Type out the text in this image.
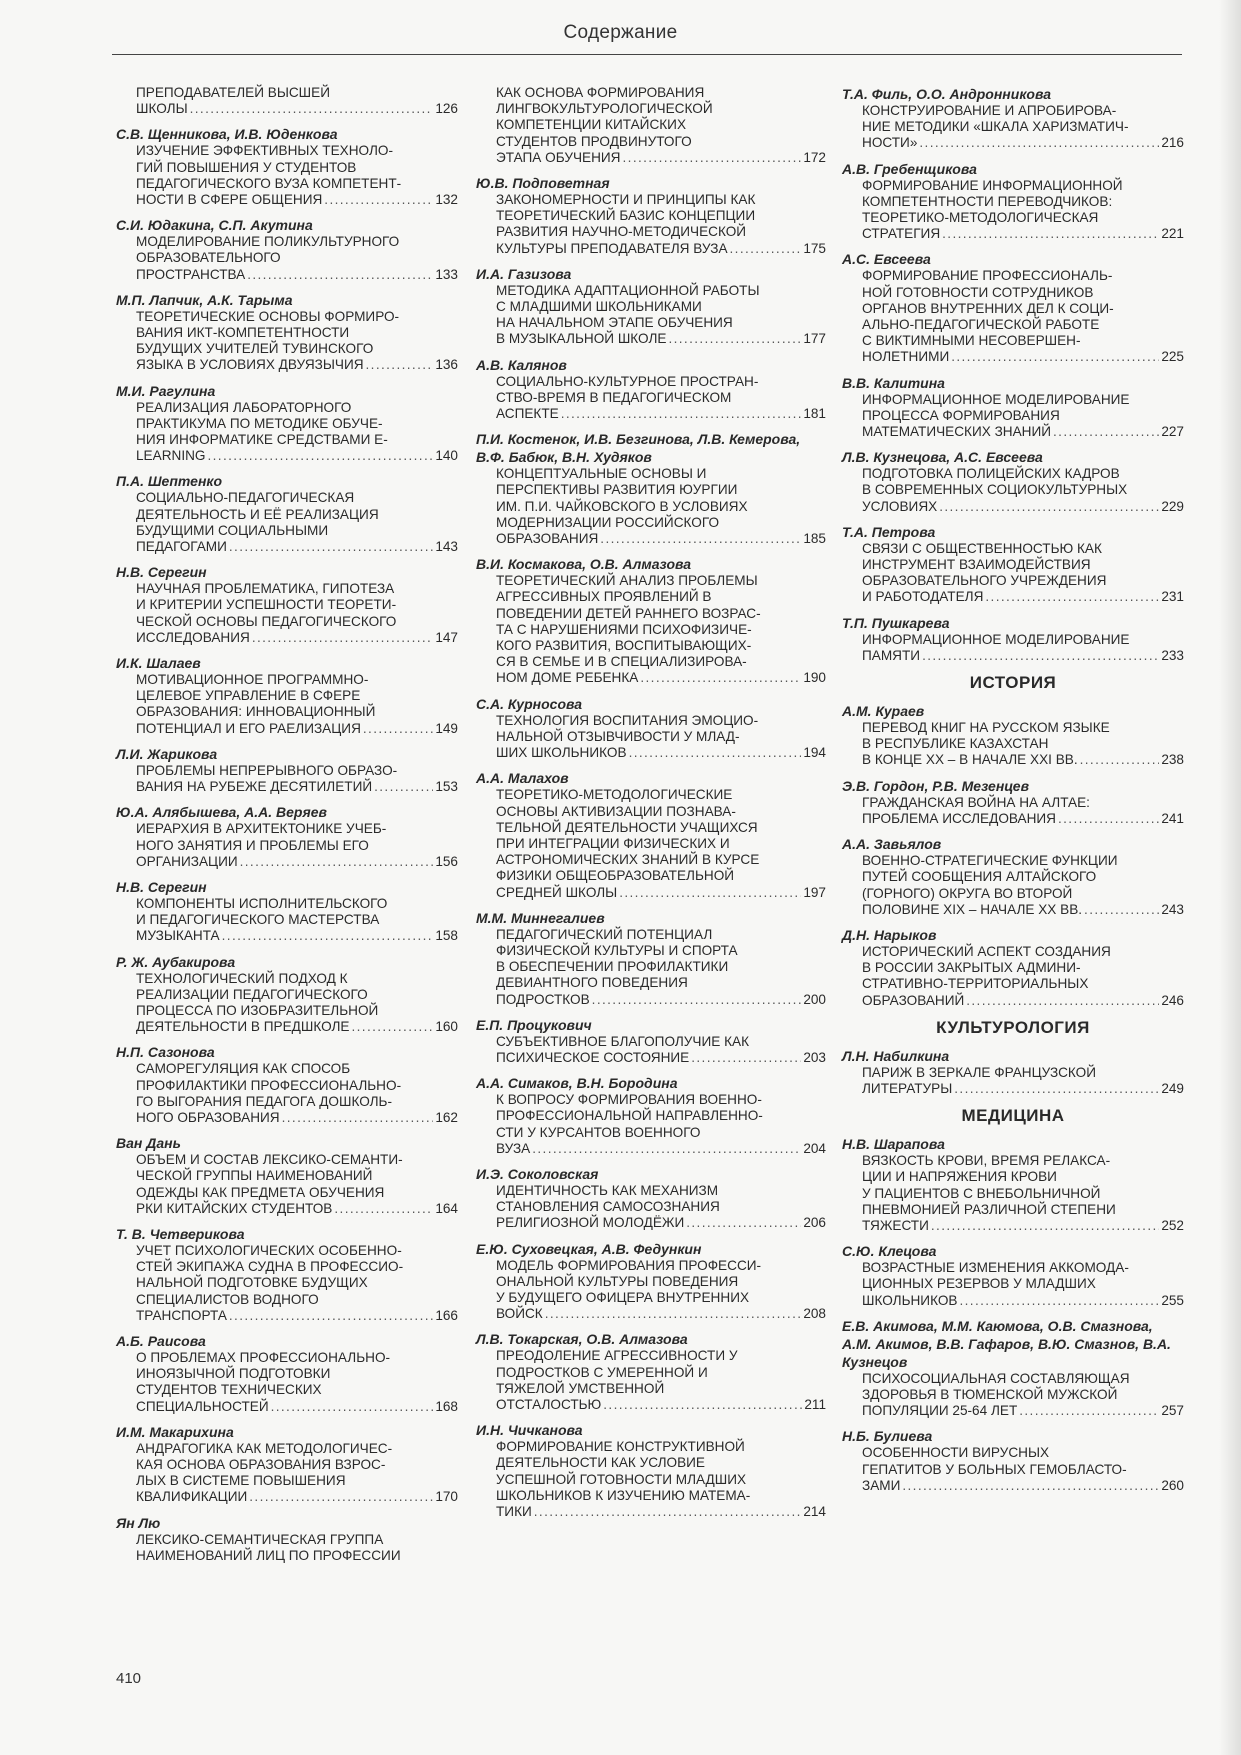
Содержание
ПРЕПОДАВАТЕЛЕЙ ВЫСШЕЙ
ШКОЛЫ . . .	126
С.В. Щенникова, И.В. Юденкова
ИЗУЧЕНИЕ ЭФФЕКТИВНЫХ ТЕХНОЛО-
ГИЙ ПОВЫШЕНИЯ У СТУДЕНТОВ
ПЕДАГОГИЧЕСКОГО ВУЗА КОМПЕТЕНТ-
НОСТИ В СФЕРЕ ОБЩЕНИЯ . . .	132
С.И. Юдакина, С.П. Акутина
МОДЕЛИРОВАНИЕ ПОЛИКУЛЬТУРНОГО
ОБРАЗОВАТЕЛЬНОГО
ПРОСТРАНСТВА . . .	133
М.П. Лапчик, А.К. Тарыма
ТЕОРЕТИЧЕСКИЕ ОСНОВЫ ФОРМИРО-
ВАНИЯ ИКТ-КОМПЕТЕНТНОСТИ
БУДУЩИХ УЧИТЕЛЕЙ ТУВИНСКОГО
ЯЗЫКА В УСЛОВИЯХ ДВУЯЗЫЧИЯ . . .	136
М.И. Рагулина
РЕАЛИЗАЦИЯ ЛАБОРАТОРНОГО
ПРАКТИКУМА ПО МЕТОДИКЕ ОБУЧЕ-
НИЯ ИНФОРМАТИКЕ СРЕДСТВАМИ Е-
LEARNING . . .	140
П.А. Шептенко
СОЦИАЛЬНО-ПЕДАГОГИЧЕСКАЯ
ДЕЯТЕЛЬНОСТЬ И ЕЁ РЕАЛИЗАЦИЯ
БУДУЩИМИ СОЦИАЛЬНЫМИ
ПЕДАГОГАМИ . . .	143
Н.В. Серегин
НАУЧНАЯ ПРОБЛЕМАТИКА, ГИПОТЕЗА
И КРИТЕРИИ УСПЕШНОСТИ ТЕОРЕТИ-
ЧЕСКОЙ ОСНОВЫ ПЕДАГОГИЧЕСКОГО
ИССЛЕДОВАНИЯ . . .	147
И.К. Шалаев
МОТИВАЦИОННОЕ ПРОГРАММНО-
ЦЕЛЕВОЕ УПРАВЛЕНИЕ В СФЕРЕ
ОБРАЗОВАНИЯ: ИННОВАЦИОННЫЙ
ПОТЕНЦИАЛ И ЕГО РАЕЛИЗАЦИЯ . . .	149
Л.И. Жарикова
ПРОБЛЕМЫ НЕПРЕРЫВНОГО ОБРАЗО-
ВАНИЯ НА РУБЕЖЕ ДЕСЯТИЛЕТИЙ . . .	153
Ю.А. Алябышева, А.А. Веряев
ИЕРАРХИЯ В АРХИТЕКТОНИКЕ УЧЕБ-
НОГО ЗАНЯТИЯ И ПРОБЛЕМЫ ЕГО
ОРГАНИЗАЦИИ . . .	156
Н.В. Серегин
КОМПОНЕНТЫ ИСПОЛНИТЕЛЬСКОГО
И ПЕДАГОГИЧЕСКОГО МАСТЕРСТВА
МУЗЫКАНТА . . .	158
Р. Ж. Аубакирова
ТЕХНОЛОГИЧЕСКИЙ ПОДХОД К
РЕАЛИЗАЦИИ ПЕДАГОГИЧЕСКОГО
ПРОЦЕССА ПО ИЗОБРАЗИТЕЛЬНОЙ
ДЕЯТЕЛЬНОСТИ В ПРЕДШКОЛЕ . . .	160
Н.П. Сазонова
САМОРЕГУЛЯЦИЯ КАК СПОСОБ
ПРОФИЛАКТИКИ ПРОФЕССИОНАЛЬНО-
ГО ВЫГОРАНИЯ ПЕДАГОГА ДОШКОЛЬ-
НОГО ОБРАЗОВАНИЯ . . .	162
Ван Дань
ОБЪЕМ И СОСТАВ ЛЕКСИКО-СЕМАНТИ-
ЧЕСКОЙ ГРУППЫ НАИМЕНОВАНИЙ
ОДЕЖДЫ КАК ПРЕДМЕТА ОБУЧЕНИЯ
РКИ КИТАЙСКИХ СТУДЕНТОВ . . .	164
Т. В. Четверикова
УЧЕТ ПСИХОЛОГИЧЕСКИХ ОСОБЕННО-
СТЕЙ ЭКИПАЖА СУДНА В ПРОФЕССИО-
НАЛЬНОЙ ПОДГОТОВКЕ БУДУЩИХ
СПЕЦИАЛИСТОВ ВОДНОГО
ТРАНСПОРТА . . .	166
А.Б. Раисова
О ПРОБЛЕМАХ ПРОФЕССИОНАЛЬНО-
ИНОЯЗЫЧНОЙ ПОДГОТОВКИ
СТУДЕНТОВ ТЕХНИЧЕСКИХ
СПЕЦИАЛЬНОСТЕЙ . . .	168
И.М. Макарихина
АНДРАГОГИКА КАК МЕТОДОЛОГИЧЕС-
КАЯ ОСНОВА ОБРАЗОВАНИЯ ВЗРОС-
ЛЫХ В СИСТЕМЕ ПОВЫШЕНИЯ
КВАЛИФИКАЦИИ . . .	170
Ян Лю
ЛЕКСИКО-СЕМАНТИЧЕСКАЯ ГРУППА
НАИМЕНОВАНИЙ ЛИЦ ПО ПРОФЕССИИ
КАК ОСНОВА ФОРМИРОВАНИЯ
ЛИНГВОКУЛЬТУРОЛОГИЧЕСКОЙ
КОМПЕТЕНЦИИ КИТАЙСКИХ
СТУДЕНТОВ ПРОДВИНУТОГО
ЭТАПА ОБУЧЕНИЯ . . .	172
Ю.В. Подповетная
ЗАКОНОМЕРНОСТИ И ПРИНЦИПЫ КАК
ТЕОРЕТИЧЕСКИЙ БАЗИС КОНЦЕПЦИИ
РАЗВИТИЯ НАУЧНО-МЕТОДИЧЕСКОЙ
КУЛЬТУРЫ ПРЕПОДАВАТЕЛЯ ВУЗА . . .	175
И.А. Газизова
МЕТОДИКА АДАПТАЦИОННОЙ РАБОТЫ
С МЛАДШИМИ ШКОЛЬНИКАМИ
НА НАЧАЛЬНОМ ЭТАПЕ ОБУЧЕНИЯ
В МУЗЫКАЛЬНОЙ ШКОЛЕ . . .	177
А.В. Калянов
СОЦИАЛЬНО-КУЛЬТУРНОЕ ПРОСТРАН-
СТВО-ВРЕМЯ В ПЕДАГОГИЧЕСКОМ
АСПЕКТЕ . . .	181
П.И. Костенок, И.В. Безгинова, Л.В. Кемерова, В.Ф. Бабюк, В.Н. Худяков
КОНЦЕПТУАЛЬНЫЕ ОСНОВЫ И
ПЕРСПЕКТИВЫ РАЗВИТИЯ ЮУРГИИ
ИМ. П.И. ЧАЙКОВСКОГО В УСЛОВИЯХ
МОДЕРНИЗАЦИИ РОССИЙСКОГО
ОБРАЗОВАНИЯ . . .	185
В.И. Космакова, О.В. Алмазова
ТЕОРЕТИЧЕСКИЙ АНАЛИЗ ПРОБЛЕМЫ
АГРЕССИВНЫХ ПРОЯВЛЕНИЙ В
ПОВЕДЕНИИ ДЕТЕЙ РАННЕГО ВОЗРАС-
ТА С НАРУШЕНИЯМИ ПСИХОФИЗИЧЕ-
КОГО РАЗВИТИЯ, ВОСПИТЫВАЮЩИХ-
СЯ В СЕМЬЕ И В СПЕЦИАЛИЗИРОВА-
НОМ ДОМЕ РЕБЕНКА . . .	190
С.А. Курносова
ТЕХНОЛОГИЯ ВОСПИТАНИЯ ЭМОЦИО-
НАЛЬНОЙ ОТЗЫВЧИВОСТИ У МЛАД-
ШИХ ШКОЛЬНИКОВ . . .	194
А.А. Малахов
ТЕОРЕТИКО-МЕТОДОЛОГИЧЕСКИЕ
ОСНОВЫ АКТИВИЗАЦИИ ПОЗНАВА-
ТЕЛЬНОЙ ДЕЯТЕЛЬНОСТИ УЧАЩИХСЯ
ПРИ ИНТЕГРАЦИИ ФИЗИЧЕСКИХ И
АСТРОНОМИЧЕСКИХ ЗНАНИЙ В КУРСЕ
ФИЗИКИ ОБЩЕОБРАЗОВАТЕЛЬНОЙ
СРЕДНЕЙ ШКОЛЫ . . .	197
М.М. Миннегалиев
ПЕДАГОГИЧЕСКИЙ ПОТЕНЦИАЛ
ФИЗИЧЕСКОЙ КУЛЬТУРЫ И СПОРТА
В ОБЕСПЕЧЕНИИ ПРОФИЛАКТИКИ
ДЕВИАНТНОГО ПОВЕДЕНИЯ
ПОДРОСТКОВ . . .	200
Е.П. Процукович
СУБЪЕКТИВНОЕ БЛАГОПОЛУЧИЕ КАК
ПСИХИЧЕСКОЕ СОСТОЯНИЕ . . .	203
А.А. Симаков, В.Н. Бородина
К ВОПРОСУ ФОРМИРОВАНИЯ ВОЕННО-
ПРОФЕССИОНАЛЬНОЙ НАПРАВЛЕННО-
СТИ У КУРСАНТОВ ВОЕННОГО
ВУЗА . . .	204
И.Э. Соколовская
ИДЕНТИЧНОСТЬ КАК МЕХАНИЗМ
СТАНОВЛЕНИЯ САМОСОЗНАНИЯ
РЕЛИГИОЗНОЙ МОЛОДЁЖИ . . .	206
Е.Ю. Суховецкая, А.В. Федункин
МОДЕЛЬ ФОРМИРОВАНИЯ ПРОФЕССИ-
ОНАЛЬНОЙ КУЛЬТУРЫ ПОВЕДЕНИЯ
У БУДУЩЕГО ОФИЦЕРА ВНУТРЕННИХ
ВОЙСК . . .	208
Л.В. Токарская, О.В. Алмазова
ПРЕОДОЛЕНИЕ АГРЕССИВНОСТИ У
ПОДРОСТКОВ С УМЕРЕННОЙ И
ТЯЖЕЛОЙ УМСТВЕННОЙ
ОТСТАЛОСТЬЮ . . .	211
И.Н. Чичканова
ФОРМИРОВАНИЕ КОНСТРУКТИВНОЙ
ДЕЯТЕЛЬНОСТИ КАК УСЛОВИЕ
УСПЕШНОЙ ГОТОВНОСТИ МЛАДШИХ
ШКОЛЬНИКОВ К ИЗУЧЕНИЮ МАТЕМА-
ТИКИ . . .	214
Т.А. Филь, О.О. Андронникова
КОНСТРУИРОВАНИЕ И АПРОБИРОВА-
НИЕ МЕТОДИКИ «ШКАЛА ХАРИЗМАТИЧ-
НОСТИ» . . .	216
А.В. Гребенщикова
ФОРМИРОВАНИЕ ИНФОРМАЦИОННОЙ
КОМПЕТЕНТНОСТИ ПЕРЕВОДЧИКОВ:
ТЕОРЕТИКО-МЕТОДОЛОГИЧЕСКАЯ
СТРАТЕГИЯ . . .	221
А.С. Евсеева
ФОРМИРОВАНИЕ ПРОФЕССИОНАЛЬ-
НОЙ ГОТОВНОСТИ СОТРУДНИКОВ
ОРГАНОВ ВНУТРЕННИХ ДЕЛ К СОЦИ-
АЛЬНО-ПЕДАГОГИЧЕСКОЙ РАБОТЕ
С ВИКТИМНЫМИ НЕСОВЕРШЕН-
НОЛЕТНИМИ . . .	225
В.В. Калитина
ИНФОРМАЦИОННОЕ МОДЕЛИРОВАНИЕ
ПРОЦЕССА ФОРМИРОВАНИЯ
МАТЕМАТИЧЕСКИХ ЗНАНИЙ . . .	227
Л.В. Кузнецова, А.С. Евсеева
ПОДГОТОВКА ПОЛИЦЕЙСКИХ КАДРОВ
В СОВРЕМЕННЫХ СОЦИОКУЛЬТУРНЫХ
УСЛОВИЯХ . . .	229
Т.А. Петрова
СВЯЗИ С ОБЩЕСТВЕННОСТЬЮ КАК
ИНСТРУМЕНТ ВЗАИМОДЕЙСТВИЯ
ОБРАЗОВАТЕЛЬНОГО УЧРЕЖДЕНИЯ
И РАБОТОДАТЕЛЯ . . .	231
Т.П. Пушкарева
ИНФОРМАЦИОННОЕ МОДЕЛИРОВАНИЕ
ПАМЯТИ . . .	233
ИСТОРИЯ
А.М. Кураев
ПЕРЕВОД КНИГ НА РУССКОМ ЯЗЫКЕ
В РЕСПУБЛИКЕ КАЗАХСТАН
В КОНЦЕ XX – В НАЧАЛЕ XXI ВВ. . . .	238
Э.В. Гордон, Р.В. Мезенцев
ГРАЖДАНСКАЯ ВОЙНА НА АЛТАЕ:
ПРОБЛЕМА ИССЛЕДОВАНИЯ . . .	241
А.А. Завьялов
ВОЕННО-СТРАТЕГИЧЕСКИЕ ФУНКЦИИ
ПУТЕЙ СООБЩЕНИЯ АЛТАЙСКОГО
(ГОРНОГО) ОКРУГА ВО ВТОРОЙ
ПОЛОВИНЕ XIX – НАЧАЛЕ XX ВВ. . . .	243
Д.Н. Нарыков
ИСТОРИЧЕСКИЙ АСПЕКТ СОЗДАНИЯ
В РОССИИ ЗАКРЫТЫХ АДМИНИ-
СТРАТИВНО-ТЕРРИТОРИАЛЬНЫХ
ОБРАЗОВАНИЙ . . .	246
КУЛЬТУРОЛОГИЯ
Л.Н. Набилкина
ПАРИЖ В ЗЕРКАЛЕ ФРАНЦУЗСКОЙ
ЛИТЕРАТУРЫ . . .	249
МЕДИЦИНА
Н.В. Шарапова
ВЯЗКОСТЬ КРОВИ, ВРЕМЯ РЕЛАКСА-
ЦИИ И НАПРЯЖЕНИЯ КРОВИ
У ПАЦИЕНТОВ С ВНЕБОЛЬНИЧНОЙ
ПНЕВМОНИЕЙ РАЗЛИЧНОЙ СТЕПЕНИ
ТЯЖЕСТИ . . .	252
С.Ю. Клецова
ВОЗРАСТНЫЕ ИЗМЕНЕНИЯ АККОМОДА-
ЦИОННЫХ РЕЗЕРВОВ У МЛАДШИХ
ШКОЛЬНИКОВ . . .	255
Е.В. Акимова, М.М. Каюмова, О.В. Смазнова, А.М. Акимов, В.В. Гафаров, В.Ю. Смазнов, В.А. Кузнецов
ПСИХОСОЦИАЛЬНАЯ СОСТАВЛЯЮЩАЯ
ЗДОРОВЬЯ В ТЮМЕНСКОЙ МУЖСКОЙ
ПОПУЛЯЦИИ 25-64 ЛЕТ . . .	257
Н.Б. Булиева
ОСОБЕННОСТИ ВИРУСНЫХ
ГЕПАТИТОВ У БОЛЬНЫХ ГЕМОБЛАСТО-
ЗАМИ . . .	260
410
